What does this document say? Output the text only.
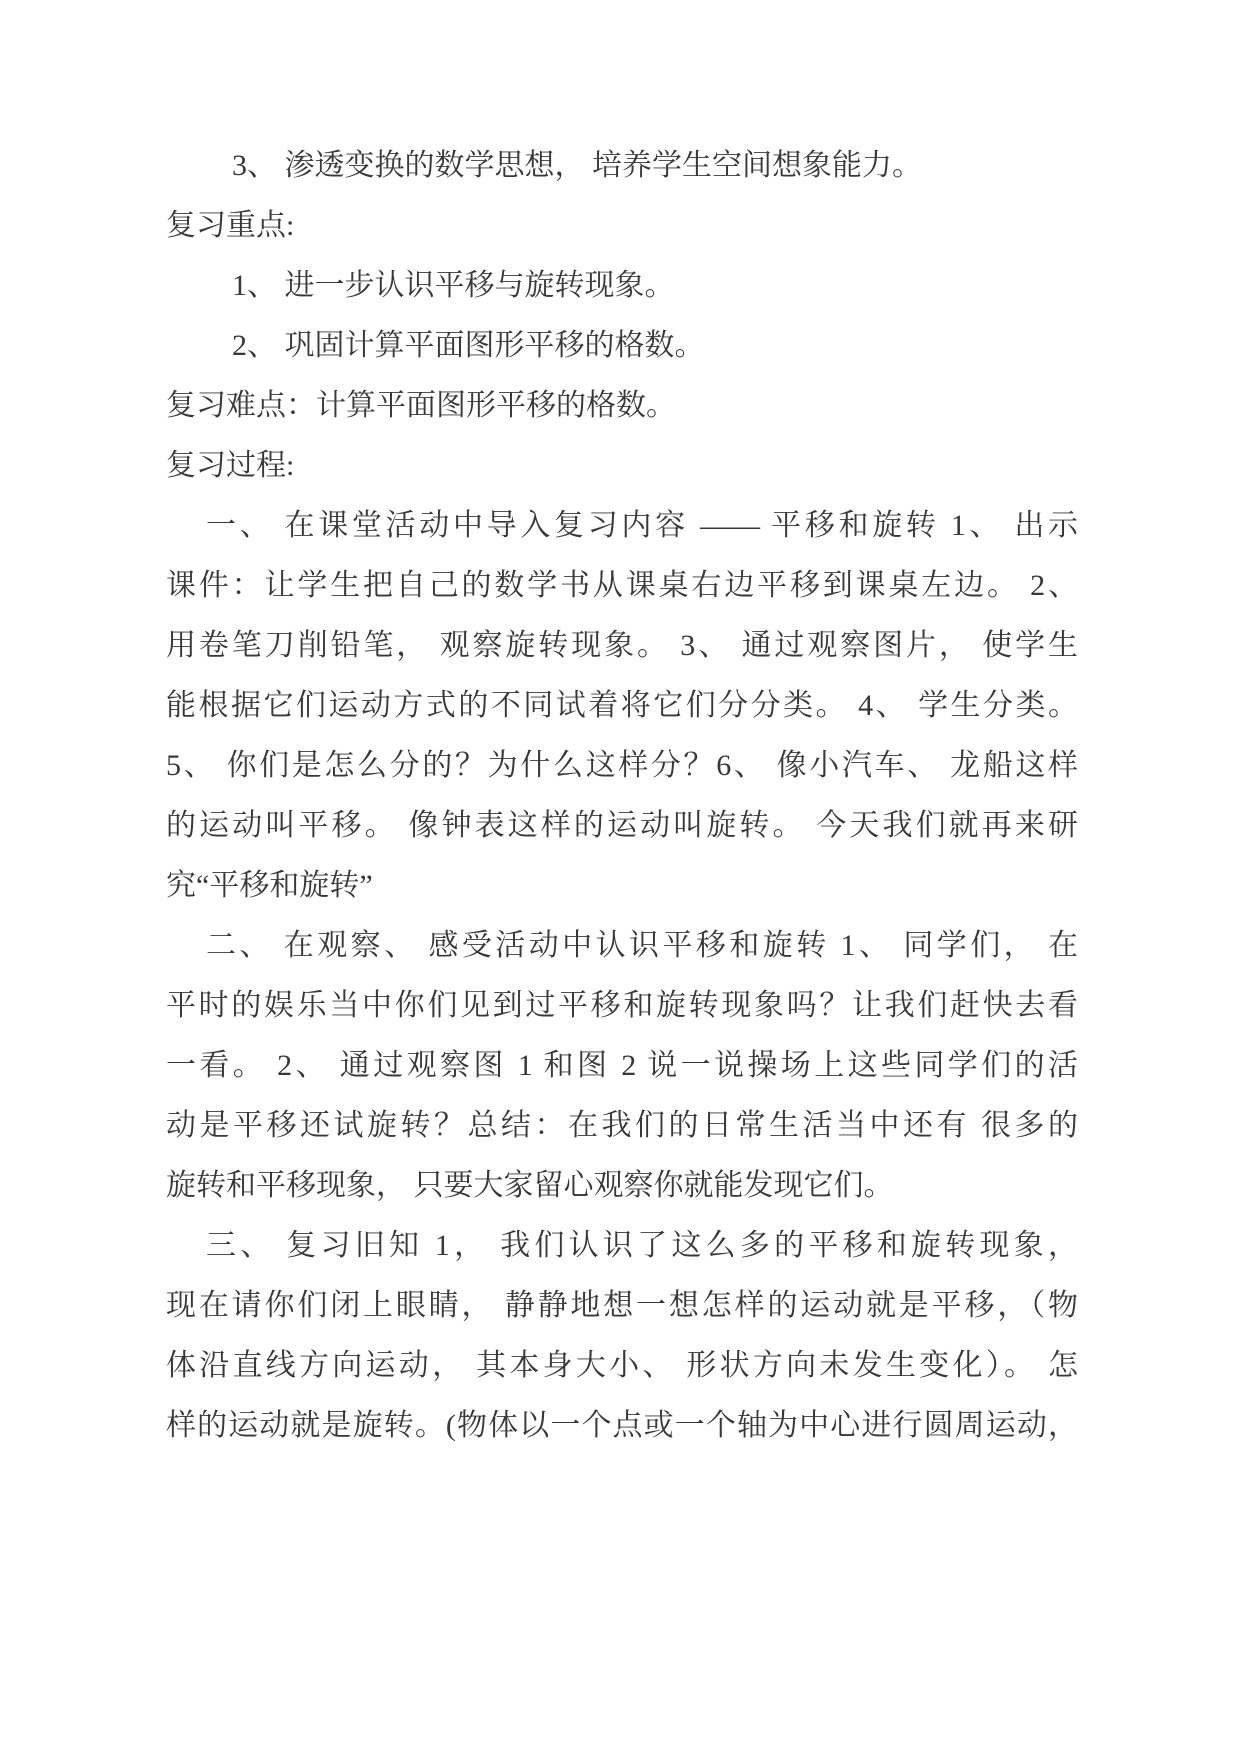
3、 渗透变换的数学思想， 培养学生空间想象能力。
复习重点:
1、 进一步认识平移与旋转现象。
2、 巩固计算平面图形平移的格数。
复习难点：计算平面图形平移的格数。
复习过程:
一、 在课堂活动中导入复习内容 —— 平移和旋转 1、 出示
课件：让学生把自己的数学书从课桌右边平移到课桌左边。 2、
用卷笔刀削铅笔， 观察旋转现象。 3、 通过观察图片， 使学生
能根据它们运动方式的不同试着将它们分分类。 4、 学生分类。
5、 你们是怎么分的？为什么这样分？6、 像小汽车、 龙船这样
的运动叫平移。 像钟表这样的运动叫旋转。 今天我们就再来研
究“平移和旋转”
二、 在观察、 感受活动中认识平移和旋转 1、 同学们， 在
平时的娱乐当中你们见到过平移和旋转现象吗？让我们赶快去看
一看。 2、 通过观察图 1 和图 2 说一说操场上这些同学们的活
动是平移还试旋转？总结：在我们的日常生活当中还有 很多的
旋转和平移现象， 只要大家留心观察你就能发现它们。
三、 复习旧知 1， 我们认识了这么多的平移和旋转现象，
现在请你们闭上眼睛， 静静地想一想怎样的运动就是平移，（物
体沿直线方向运动， 其本身大小、 形状方向未发生变化）。 怎
样的运动就是旋转。(物体以一个点或一个轴为中心进行圆周运动，
